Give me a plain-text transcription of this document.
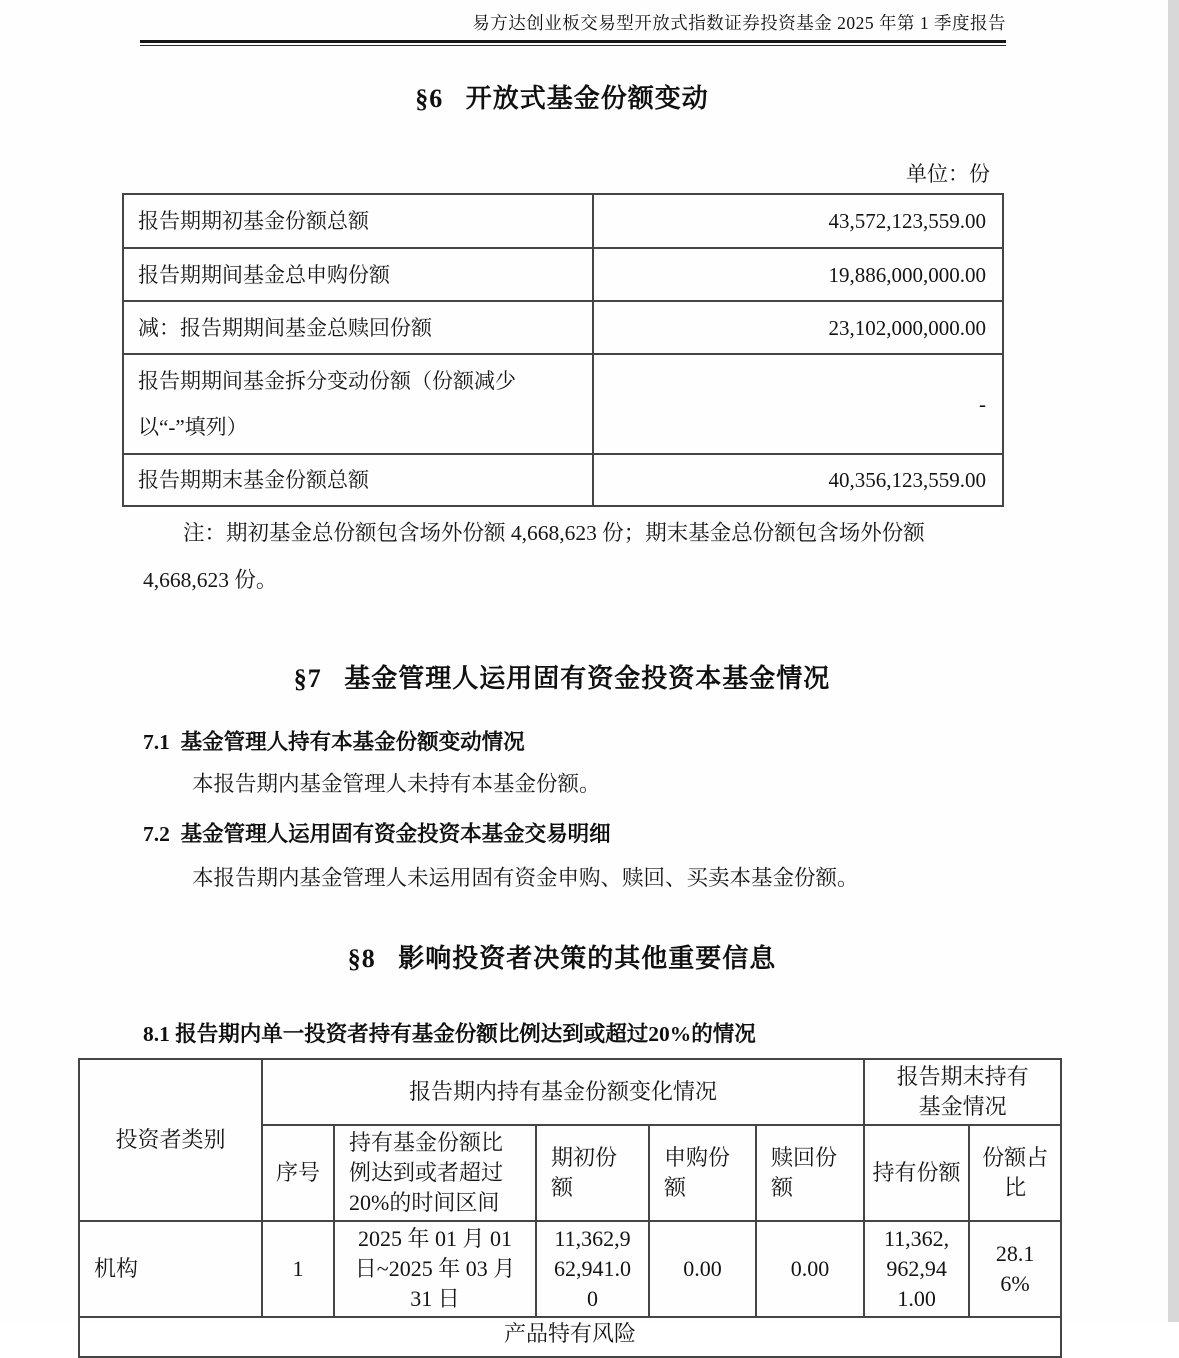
易方达创业板交易型开放式指数证券投资基金 2025 年第 1 季度报告
§6   开放式基金份额变动
单位：份
报告期期初基金份额总额	43,572,123,559.00
报告期期间基金总申购份额	19,886,000,000.00
减：报告期期间基金总赎回份额	23,102,000,000.00
报告期期间基金拆分变动份额（份额减少以“-”填列）	-
报告期期末基金份额总额	40,356,123,559.00
注：期初基金总份额包含场外份额 4,668,623 份；期末基金总份额包含场外份额 4,668,623 份。
§7   基金管理人运用固有资金投资本基金情况
7.1  基金管理人持有本基金份额变动情况
本报告期内基金管理人未持有本基金份额。
7.2  基金管理人运用固有资金投资本基金交易明细
本报告期内基金管理人未运用固有资金申购、赎回、买卖本基金份额。
§8   影响投资者决策的其他重要信息
8.1 报告期内单一投资者持有基金份额比例达到或超过20%的情况
投资者类别	报告期内持有基金份额变化情况					报告期末持有基金情况	
	序号	持有基金份额比例达到或者超过20%的时间区间	期初份额	申购份额	赎回份额	持有份额	份额占比
机构	1	2025 年 01 月 01 日~2025 年 03 月 31 日	11,362,962,941.00	0.00	0.00	11,362,962,941.00	28.16%
产品特有风险							
